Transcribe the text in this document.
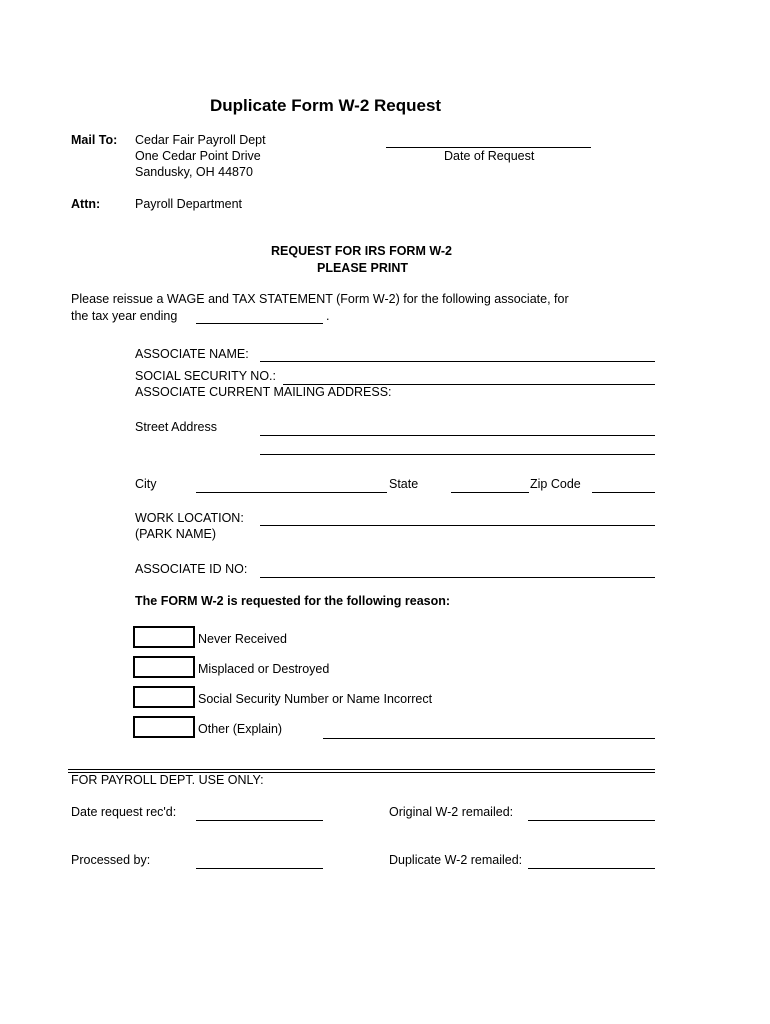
Duplicate Form W-2 Request
Mail To: Cedar Fair Payroll Dept
One Cedar Point Drive
Sandusky, OH 44870
Date of Request
Attn:	Payroll Department
REQUEST FOR IRS FORM W-2
PLEASE PRINT
Please reissue a WAGE and TAX STATEMENT (Form W-2) for the following associate, for
the tax year ending	.
ASSOCIATE NAME:
SOCIAL SECURITY NO.:
ASSOCIATE CURRENT MAILING ADDRESS:
Street Address
City	State	Zip Code
WORK LOCATION:
(PARK NAME)
ASSOCIATE ID NO:
The FORM W-2 is requested for the following reason:
Never Received
Misplaced or Destroyed
Social Security Number or Name Incorrect
Other (Explain)
FOR PAYROLL DEPT. USE ONLY:
Date request rec'd:	Original W-2 remailed:
Processed by:	Duplicate W-2 remailed:
